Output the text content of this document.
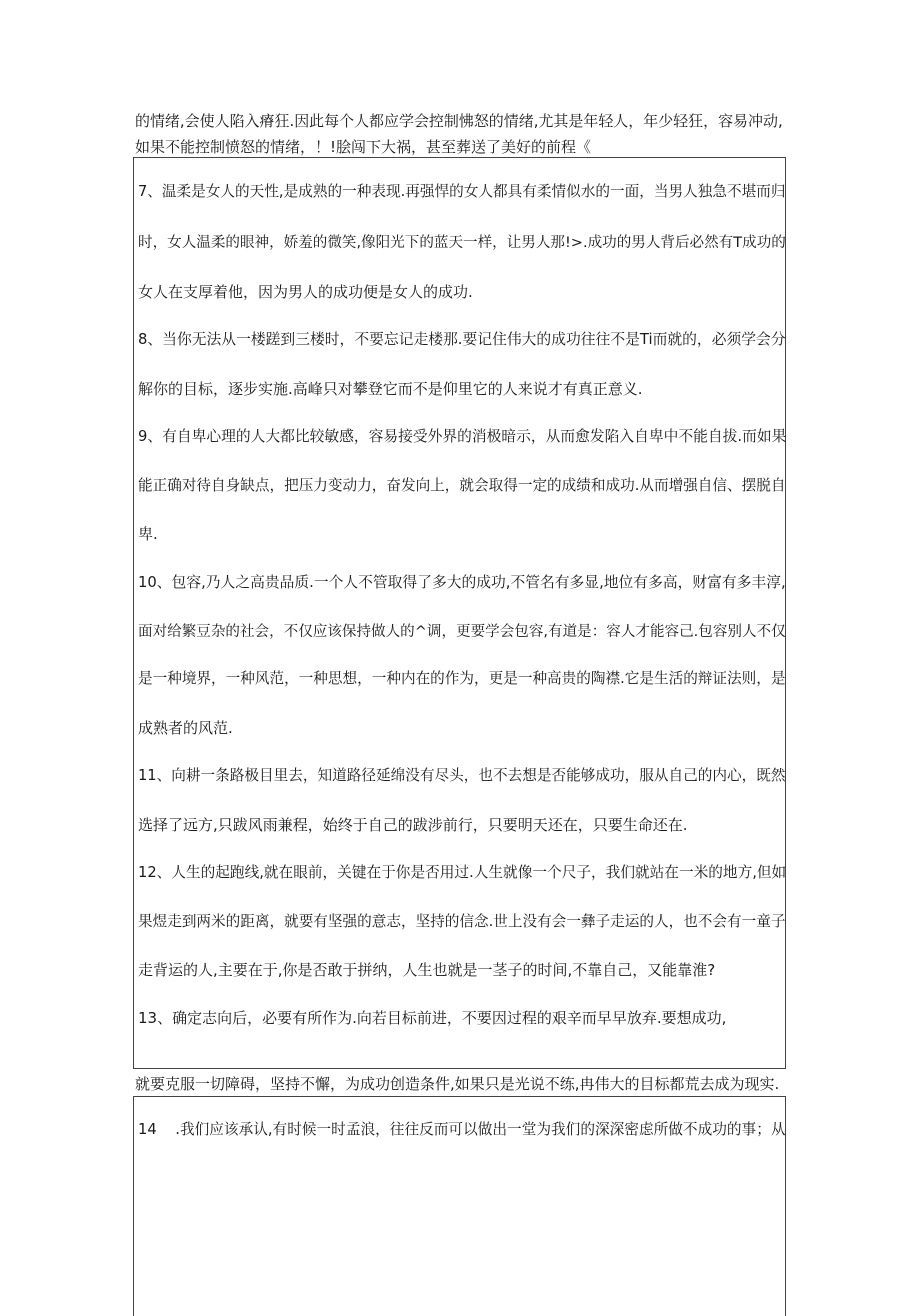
的情绪,会使人陷入瘠狂.因此每个人都应学会控制怫怒的情绪,尤其是年轻人，年少轻狂，容易冲动,
如果不能控制愤怒的情绪，！!脍闯下大祸，甚至葬送了美好的前程《
7、温柔是女人的天性,是成熟的一种表现.再强悍的女人都具有柔情似水的一面，当男人独急不堪而归
时，女人温柔的眼神，娇羞的微笑,像阳光下的蓝天一样，让男人那!>.成功的男人背后必然有T成功的
女人在支厚着他，因为男人的成功便是女人的成功.
8、当你无法从一楼蹉到三楼时，不要忘记走楼那.要记住伟大的成功往往不是Ti而就的，必须学会分
解你的目标，逐步实施.高峰只对攀登它而不是仰里它的人来说才有真正意义.
9、有自卑心理的人大都比较敏感，容易接受外界的消极暗示，从而愈发陷入自卑中不能自拔.而如果
能正确对待自身缺点，把压力变动力，奋发向上，就会取得一定的成绩和成功.从而增强自信、摆脱自
卑.
10、包容,乃人之高贵品质.一个人不管取得了多大的成功,不管名有多显,地位有多高，财富有多丰淳,
面对给繁豆杂的社会，不仅应该保持做人的^调，更要学会包容,有道是：容人才能容己.包容别人不仅
是一种境界，一种风范，一种思想，一种内在的作为，更是一种高贵的陶襟.它是生活的辩证法则，是
成熟者的风范.
11、向耕一条路极目里去，知道路径延绵没有尽头，也不去想是否能够成功，服从自己的内心，既然
选择了远方,只跋风雨兼程，始终于自己的跋涉前行，只要明天还在，只要生命还在.
12、人生的起跑线,就在眼前，关键在于你是否用过.人生就像一个尺子，我们就站在一米的地方,但如
果煜走到两米的距离，就要有坚强的意志，坚持的信念.世上没有会一彝子走运的人，也不会有一童子
走背运的人,主要在于,你是否敢于拼纳，人生也就是一茎子的时间,不靠自己，又能靠淮?
13、确定志向后，必要有所作为.向若目标前进，不要因过程的艰辛而早早放弃.要想成功,
就要克服一切障碍，坚持不懈，为成功创造条件,如果只是光说不练,冉伟大的目标都荒去成为现实.
14    .我们应该承认,有时候一时孟浪，往往反而可以做出一堂为我们的深深密虑所做不成功的事；从
